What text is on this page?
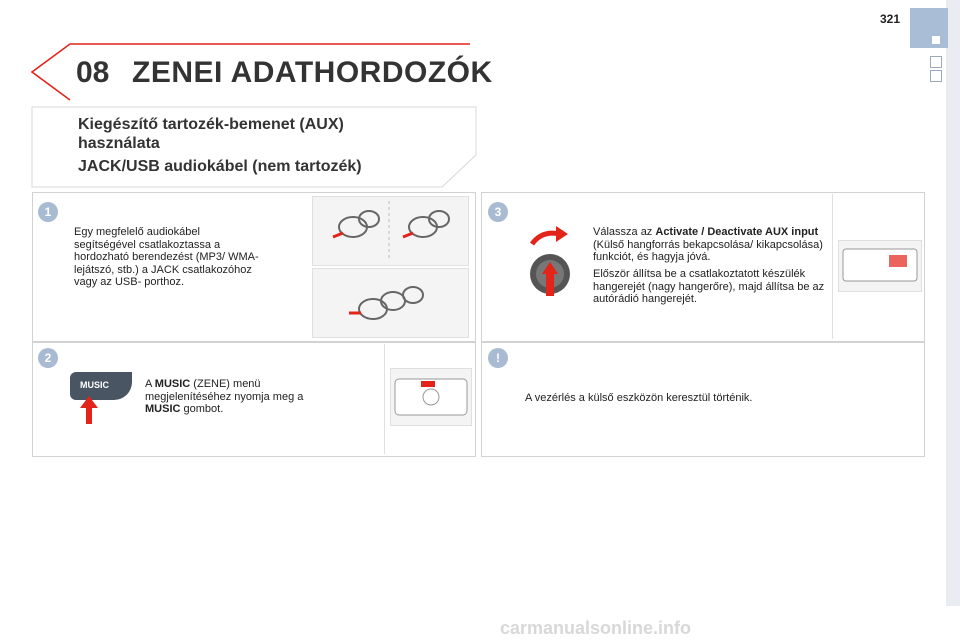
321
08 ZENEI ADATHORDOZÓK
Kiegészítő tartozék-bemenet (AUX)
használata
JACK/USB audiokábel (nem tartozék)
1
Egy megfelelő audiokábel segítségével csatlakoztassa a hordozható berendezést (MP3/ WMA-lejátszó, stb.) a JACK csatlakozóhoz vagy az USB- porthoz.
2
MUSIC	A MUSIC (ZENE) menü megjelenítéséhez nyomja meg a MUSIC gombot.
3
Válassza az Activate / Deactivate AUX input (Külső hangforrás bekapcsolása/ kikapcsolása) funkciót, és hagyja jóvá.
Először állítsa be a csatlakoztatott készülék hangerejét (nagy hangerőre), majd állítsa be az autórádió hangerejét.
!
A vezérlés a külső eszközön keresztül történik.
carmanualsonline.info
